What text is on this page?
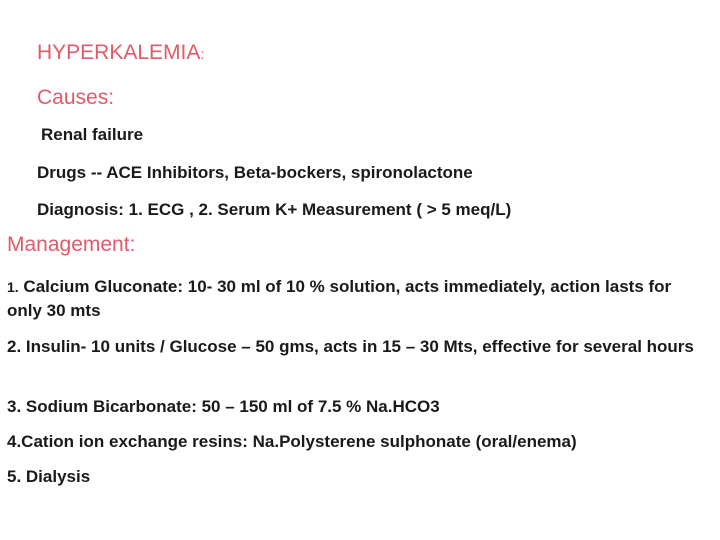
HYPERKALEMIA:
Causes:
Renal failure
Drugs -- ACE Inhibitors, Beta-bockers, spironolactone
Diagnosis: 1. ECG , 2. Serum K+ Measurement ( > 5 meq/L)
Management:
1. Calcium Gluconate: 10- 30 ml of 10 % solution, acts immediately, action lasts for only 30 mts
2. Insulin- 10 units / Glucose – 50 gms, acts in 15 – 30 Mts, effective for several hours
3. Sodium Bicarbonate: 50 – 150 ml of 7.5 % Na.HCO3
4.Cation ion exchange resins: Na.Polysterene sulphonate (oral/enema)
5. Dialysis
